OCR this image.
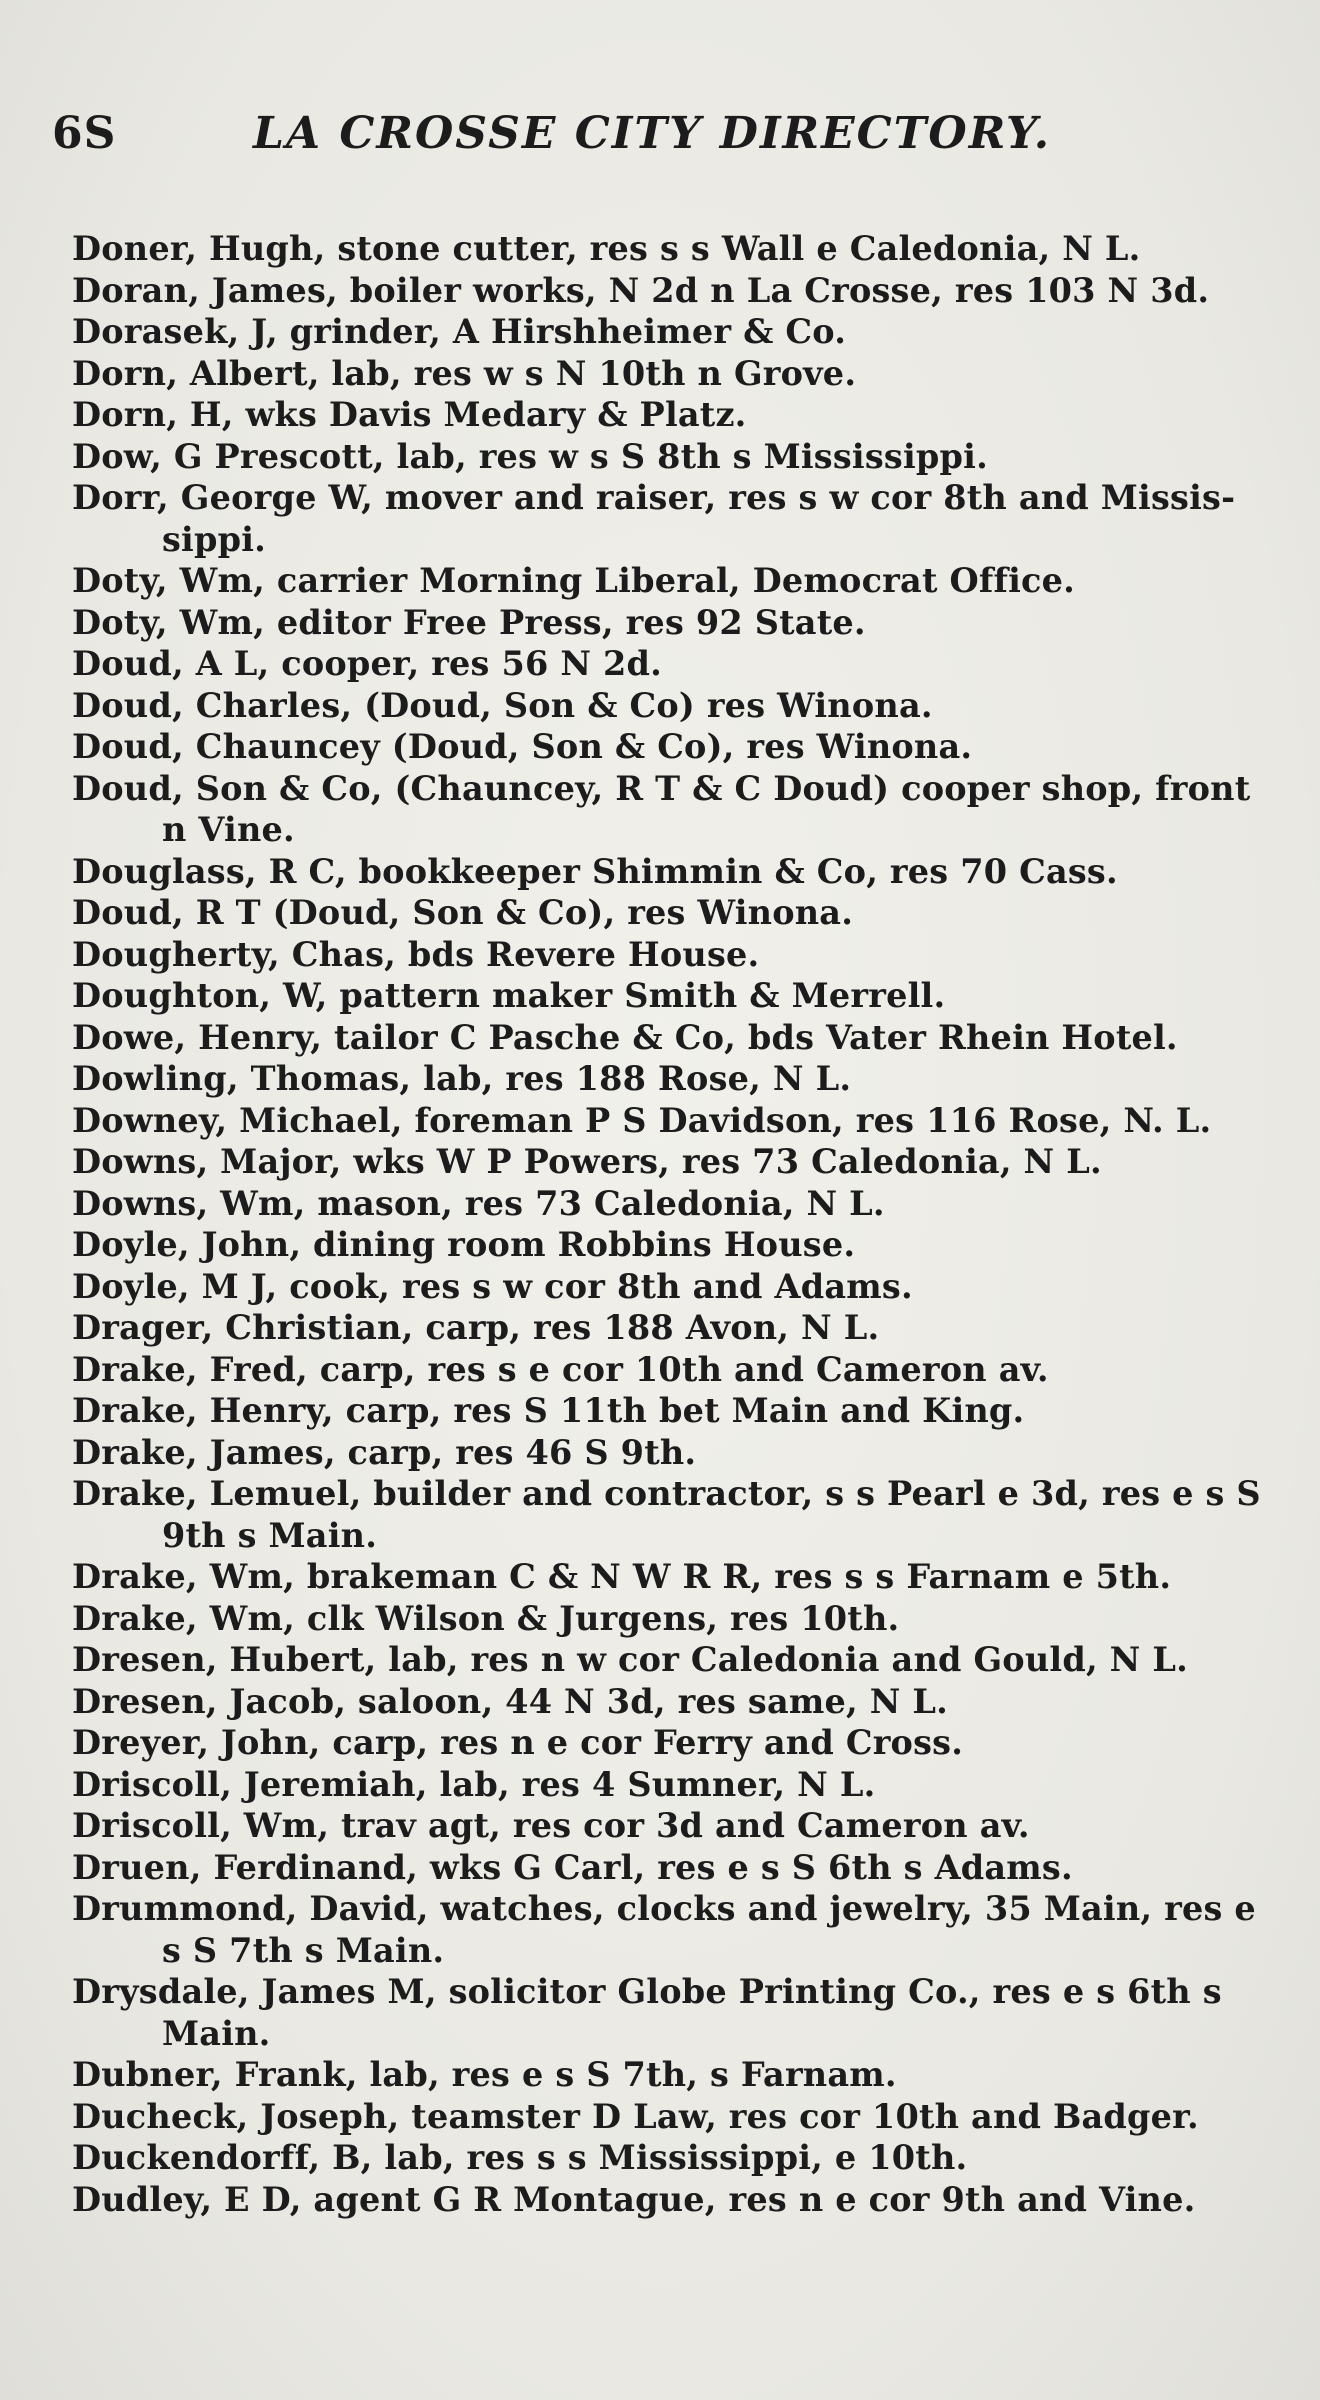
6S	LA CROSSE CITY DIRECTORY.
Doner, Hugh, stone cutter, res s s Wall e Caledonia, N L.
Doran, James, boiler works, N 2d n La Crosse, res 103 N 3d.
Dorasek, J, grinder, A Hirshheimer & Co.
Dorn, Albert, lab, res w s N 10th n Grove.
Dorn, H, wks Davis Medary & Platz.
Dow, G Prescott, lab, res w s S 8th s Mississippi.
Dorr, George W, mover and raiser, res s w cor 8th and Missis-
sippi.
Doty, Wm, carrier Morning Liberal, Democrat Office.
Doty, Wm, editor Free Press, res 92 State.
Doud, A L, cooper, res 56 N 2d.
Doud, Charles, (Doud, Son & Co) res Winona.
Doud, Chauncey (Doud, Son & Co), res Winona.
Doud, Son & Co, (Chauncey, R T & C Doud) cooper shop, front
n Vine.
Douglass, R C, bookkeeper Shimmin & Co, res 70 Cass.
Doud, R T (Doud, Son & Co), res Winona.
Dougherty, Chas, bds Revere House.
Doughton, W, pattern maker Smith & Merrell.
Dowe, Henry, tailor C Pasche & Co, bds Vater Rhein Hotel.
Dowling, Thomas, lab, res 188 Rose, N L.
Downey, Michael, foreman P S Davidson, res 116 Rose, N. L.
Downs, Major, wks W P Powers, res 73 Caledonia, N L.
Downs, Wm, mason, res 73 Caledonia, N L.
Doyle, John, dining room Robbins House.
Doyle, M J, cook, res s w cor 8th and Adams.
Drager, Christian, carp, res 188 Avon, N L.
Drake, Fred, carp, res s e cor 10th and Cameron av.
Drake, Henry, carp, res S 11th bet Main and King.
Drake, James, carp, res 46 S 9th.
Drake, Lemuel, builder and contractor, s s Pearl e 3d, res e s S
9th s Main.
Drake, Wm, brakeman C & N W R R, res s s Farnam e 5th.
Drake, Wm, clk Wilson & Jurgens, res 10th.
Dresen, Hubert, lab, res n w cor Caledonia and Gould, N L.
Dresen, Jacob, saloon, 44 N 3d, res same, N L.
Dreyer, John, carp, res n e cor Ferry and Cross.
Driscoll, Jeremiah, lab, res 4 Sumner, N L.
Driscoll, Wm, trav agt, res cor 3d and Cameron av.
Druen, Ferdinand, wks G Carl, res e s S 6th s Adams.
Drummond, David, watches, clocks and jewelry, 35 Main, res e
s S 7th s Main.
Drysdale, James M, solicitor Globe Printing Co., res e s 6th s
Main.
Dubner, Frank, lab, res e s S 7th, s Farnam.
Ducheck, Joseph, teamster D Law, res cor 10th and Badger.
Duckendorff, B, lab, res s s Mississippi, e 10th.
Dudley, E D, agent G R Montague, res n e cor 9th and Vine.
